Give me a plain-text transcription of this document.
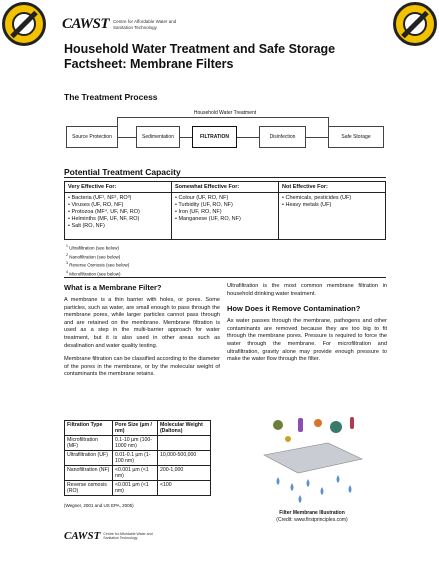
CAWST Centre for Affordable Water and Sanitation Technology
Household Water Treatment and Safe Storage Factsheet: Membrane Filters
The Treatment Process
Household Water Treatment
Source Protection	Sedimentation	FILTRATION	Disinfection	Safe Storage
Potential Treatment Capacity
Very Effective For:
• Bacteria (UF¹, NF², RO³)
• Viruses (UF, RO, NF)
• Protozoa (MF⁴, UF, NF, RO)
• Helminths (MF, UF, NF, RO)
• Salt (RO, NF)
Somewhat Effective For:
• Colour (UF, RO, NF)
• Turbidity (UF, RO, NF)
• Iron (UF, RO, NF)
• Manganese (UF, RO, NF)
Not Effective For:
• Chemicals, pesticides (UF)
• Heavy metals (UF)
$^1$ Ultrafiltration (see below)
$^2$ Nanofiltration (see below)
$^3$ Reverse Osmosis (see below)
$^4$ Microfiltration (see below)
What is a Membrane Filter?

A membrane is a thin barrier with holes, or pores. Some particles, such as water, are small enough to pass through the membrane pores, while larger particles cannot pass through and are retained on the membrane. Membrane filtration is used as a step in the multi-barrier approach for water treatment, but it is also used in other areas such as desalination and water quality testing.

Membrane filtration can be classified according to the diameter of the pores in the membrane, or by the molecular weight of contaminants the membrane retains.

Filtration Type	Pore Size (µm / nm)	Molecular Weight (Daltons)
Microfiltration (MF)	0.1-10 µm (100-1000 nm)	
Ultrafiltration (UF)	0.01-0.1 µm (1-100 nm)	10,000-500,000
Nanofiltration (NF)	<0.001 µm (<1 nm)	200-1,000
Reverse osmosis (RO)	<0.001 µm (<1 nm)	<100
(Wegner, 2001 and US EPA, 2005)

Ultrafiltration is the most common membrane filtration in household drinking water treatment.

How Does it Remove Contamination?

As water passes through the membrane, pathogens and other contaminants are removed because they are too big to fit through the membrane pores. Pressure is required to force the water through the membrane. For microfiltration and ultrafiltration, gravity alone may provide enough pressure to make the water flow through the filter.

Filter Membrane Illustration
(Credit: www.firstprinciples.com)
CAWST Centre for Affordable Water and Sanitation Technology
